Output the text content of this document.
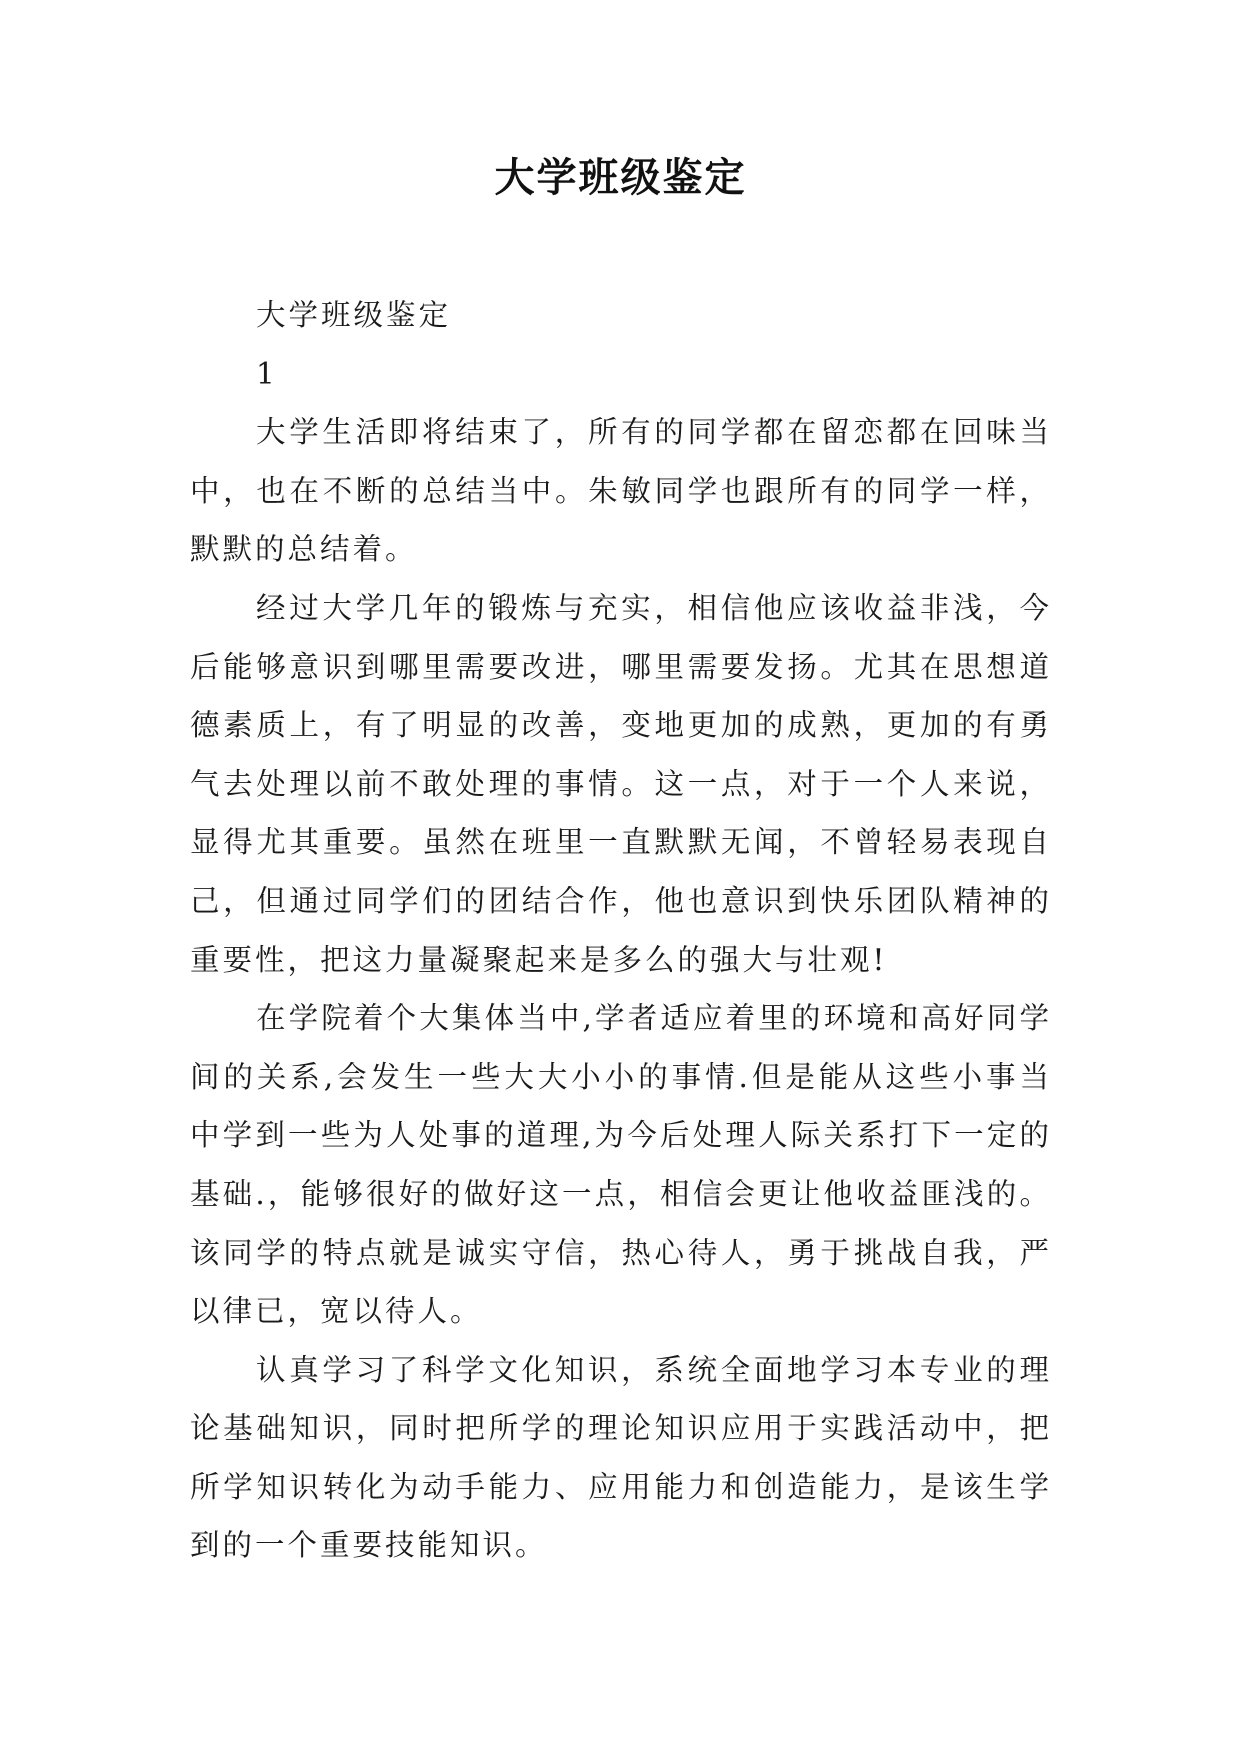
大学班级鉴定

大学班级鉴定

1

大学生活即将结束了，所有的同学都在留恋都在回味当中，也在不断的总结当中。朱敏同学也跟所有的同学一样，默默的总结着。

经过大学几年的锻炼与充实，相信他应该收益非浅，今后能够意识到哪里需要改进，哪里需要发扬。尤其在思想道德素质上，有了明显的改善，变地更加的成熟，更加的有勇气去处理以前不敢处理的事情。这一点，对于一个人来说，显得尤其重要。虽然在班里一直默默无闻，不曾轻易表现自己，但通过同学们的团结合作，他也意识到快乐团队精神的重要性，把这力量凝聚起来是多么的强大与壮观!

在学院着个大集体当中,学者适应着里的环境和高好同学间的关系,会发生一些大大小小的事情.但是能从这些小事当中学到一些为人处事的道理,为今后处理人际关系打下一定的基础.，能够很好的做好这一点，相信会更让他收益匪浅的。该同学的特点就是诚实守信，热心待人，勇于挑战自我，严以律已，宽以待人。

认真学习了科学文化知识，系统全面地学习本专业的理论基础知识，同时把所学的理论知识应用于实践活动中，把所学知识转化为动手能力、应用能力和创造能力，是该生学到的一个重要技能知识。
